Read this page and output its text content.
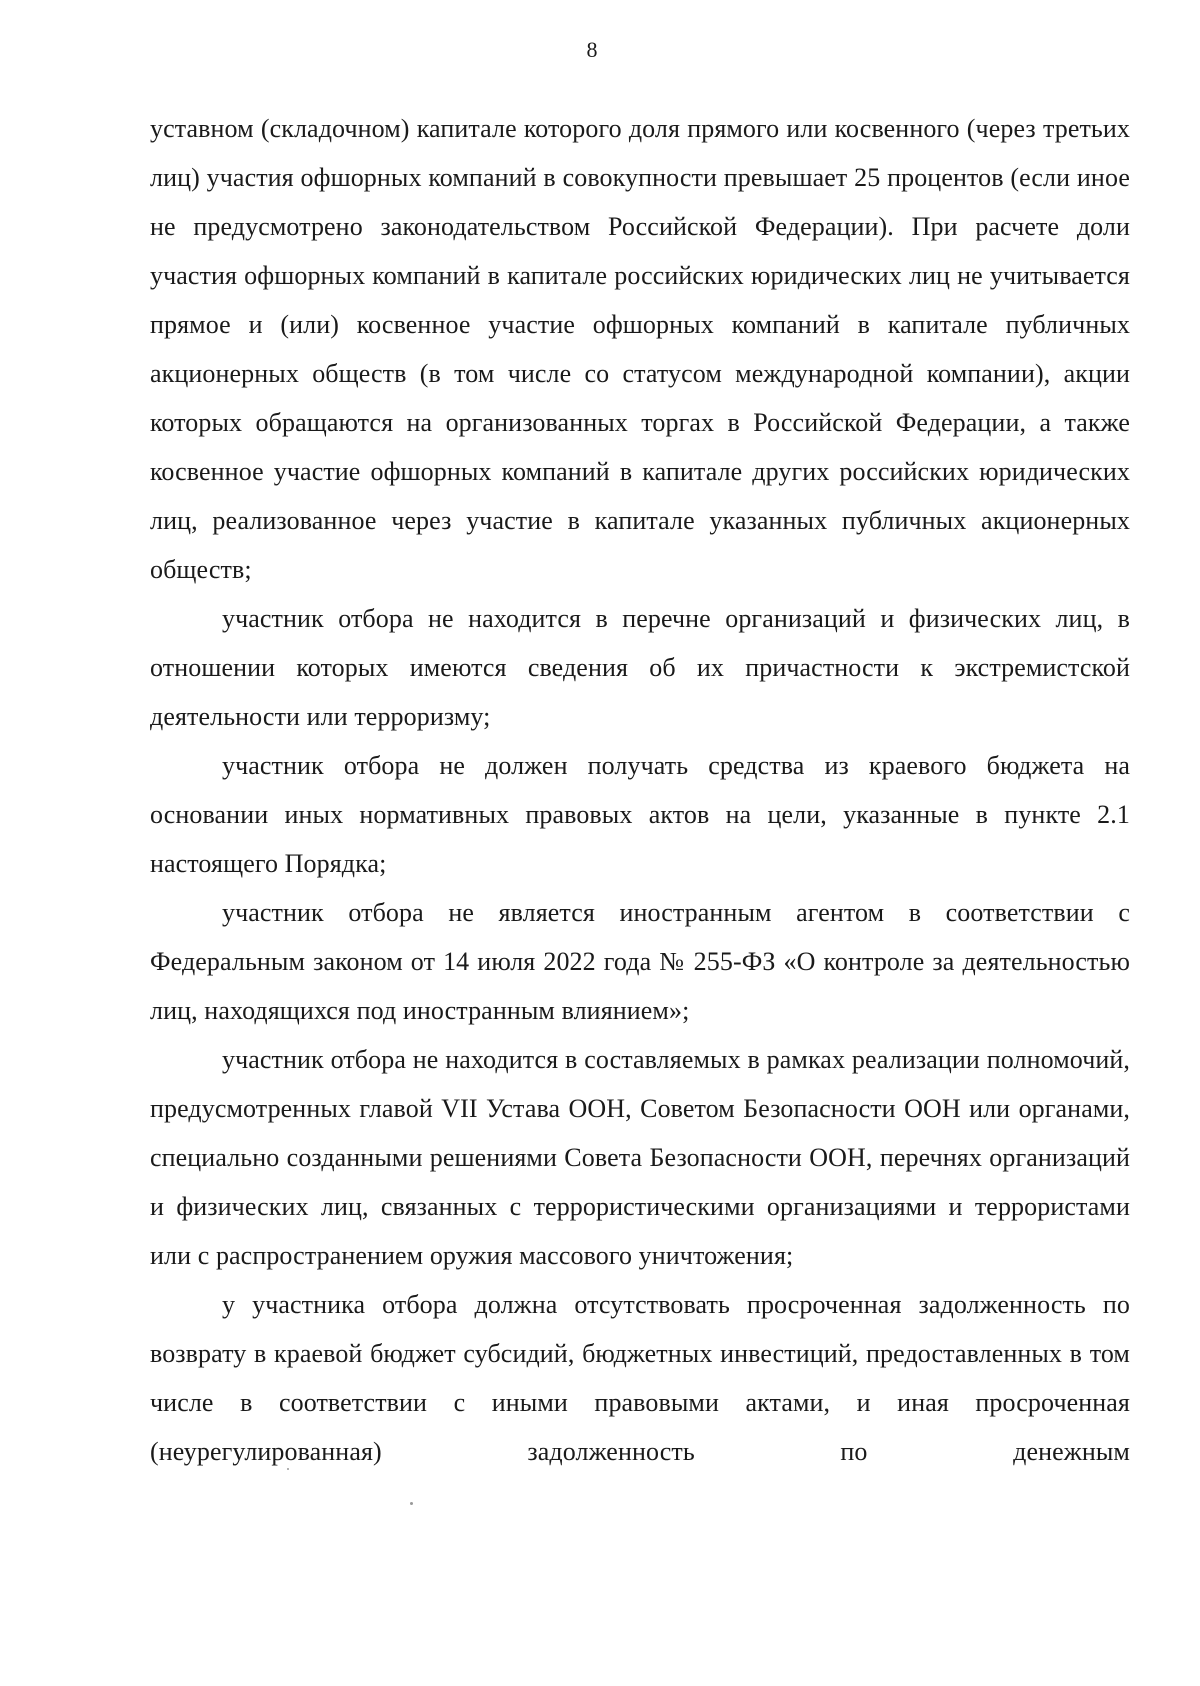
8

уставном (складочном) капитале которого доля прямого или косвенного (через третьих лиц) участия офшорных компаний в совокупности превышает 25 процентов (если иное не предусмотрено законодательством Российской Федерации). При расчете доли участия офшорных компаний в капитале российских юридических лиц не учитывается прямое и (или) косвенное участие офшорных компаний в капитале публичных акционерных обществ (в том числе со статусом международной компании), акции которых обращаются на организованных торгах в Российской Федерации, а также косвенное участие офшорных компаний в капитале других российских юридических лиц, реализованное через участие в капитале указанных публичных акционерных обществ;

участник отбора не находится в перечне организаций и физических лиц, в отношении которых имеются сведения об их причастности к экстремистской деятельности или терроризму;

участник отбора не должен получать средства из краевого бюджета на основании иных нормативных правовых актов на цели, указанные в пункте 2.1 настоящего Порядка;

участник отбора не является иностранным агентом в соответствии с Федеральным законом от 14 июля 2022 года № 255-ФЗ «О контроле за деятельностью лиц, находящихся под иностранным влиянием»;

участник отбора не находится в составляемых в рамках реализации полномочий, предусмотренных главой VII Устава ООН, Советом Безопасности ООН или органами, специально созданными решениями Совета Безопасности ООН, перечнях организаций и физических лиц, связанных с террористическими организациями и террористами или с распространением оружия массового уничтожения;

у участника отбора должна отсутствовать просроченная задолженность по возврату в краевой бюджет субсидий, бюджетных инвестиций, предоставленных в том числе в соответствии с иными правовыми актами, и иная просроченная (неурегулированная) задолженность по денежным
